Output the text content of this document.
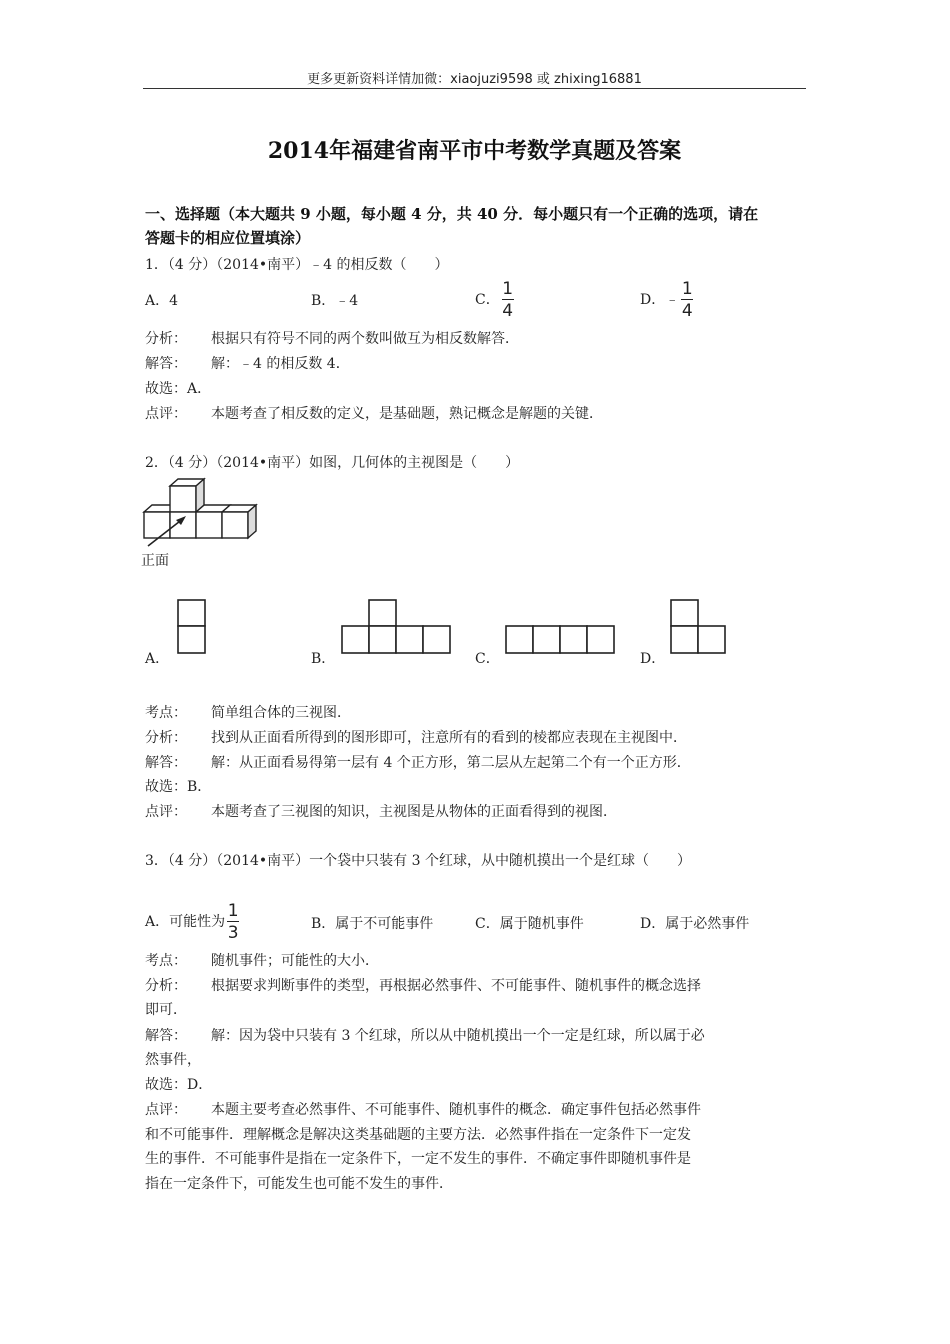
更多更新资料详情加微：xiaojuzi9598 或 zhixing16881
2014年福建省南平市中考数学真题及答案
一、选择题（本大题共 9 小题，每小题 4 分，共 40 分．每小题只有一个正确的选项，请在
答题卡的相应位置填涂）
1．（4 分）（2014•南平）﹣4 的相反数（　　）
A．4	B．﹣4	C． $\frac{1}{4}$	D．﹣ $\frac{1}{4}$
分析： 根据只有符号不同的两个数叫做互为相反数解答．
解答： 解：﹣4 的相反数 4．
故选：A．
点评： 本题考查了相反数的定义，是基础题，熟记概念是解题的关键．
2．（4 分）（2014•南平）如图，几何体的主视图是（　　）
正面
A．	B．	C．	D．
考点： 简单组合体的三视图．
分析： 找到从正面看所得到的图形即可，注意所有的看到的棱都应表现在主视图中．
解答： 解：从正面看易得第一层有 4 个正方形，第二层从左起第二个有一个正方形．
故选：B．
点评： 本题考查了三视图的知识，主视图是从物体的正面看得到的视图．
3．（4 分）（2014•南平）一个袋中只装有 3 个红球，从中随机摸出一个是红球（　　）
A．可能性为 $\frac{1}{3}$	B．属于不可能事件	C．属于随机事件	D．属于必然事件
考点： 随机事件；可能性的大小．
分析： 根据要求判断事件的类型，再根据必然事件、不可能事件、随机事件的概念选择
即可．
解答： 解：因为袋中只装有 3 个红球，所以从中随机摸出一个一定是红球，所以属于必
然事件，
故选：D．
点评： 本题主要考查必然事件、不可能事件、随机事件的概念．确定事件包括必然事件
和不可能事件．理解概念是解决这类基础题的主要方法．必然事件指在一定条件下一定发
生的事件．不可能事件是指在一定条件下，一定不发生的事件．不确定事件即随机事件是
指在一定条件下，可能发生也可能不发生的事件．
